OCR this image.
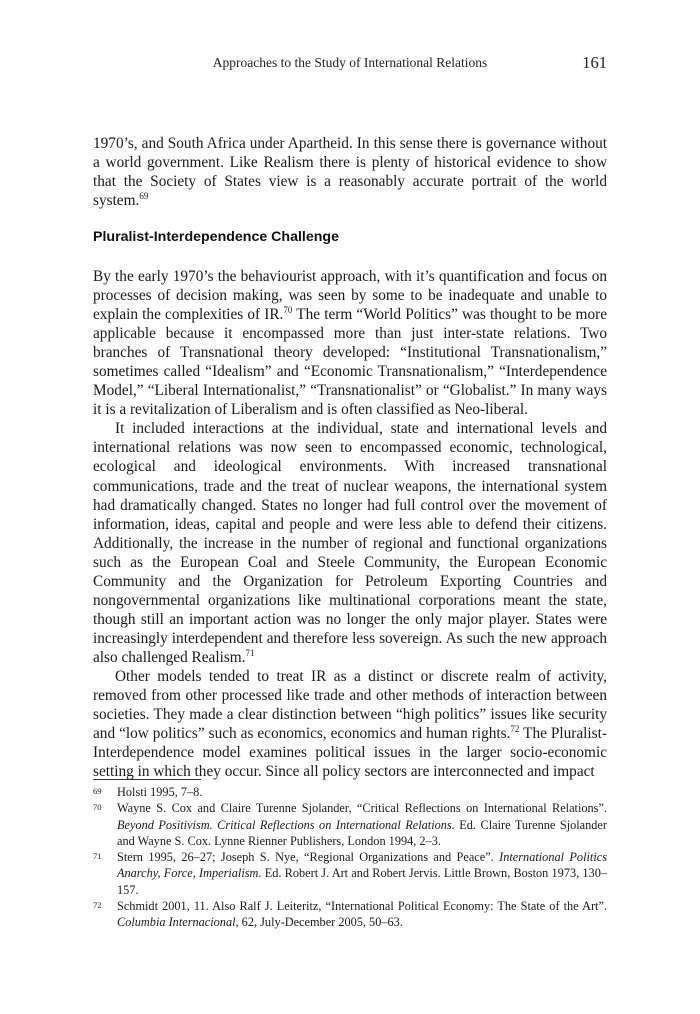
Approaches to the Study of International Relations	161

1970’s, and South Africa under Apartheid. In this sense there is governance without a world government. Like Realism there is plenty of historical evidence to show that the Society of States view is a reasonably accurate portrait of the world system.$^{69}$

Pluralist-Interdependence Challenge

By the early 1970’s the behaviourist approach, with it’s quantification and focus on processes of decision making, was seen by some to be inadequate and unable to explain the complexities of IR.$^{70}$ The term “World Politics” was thought to be more applicable because it encompassed more than just inter-state relations. Two branches of Transnational theory developed: “Institutional Transnationalism,” sometimes called “Idealism” and “Economic Transnationalism,” “Interdependence Model,” “Liberal Internationalist,” “Transnationalist” or “Globalist.” In many ways it is a revitalization of Liberalism and is often classified as Neo-liberal.

It included interactions at the individual, state and international levels and international relations was now seen to encompassed economic, technological, ecological and ideological environments. With increased transnational communications, trade and the treat of nuclear weapons, the international system had dramatically changed. States no longer had full control over the movement of information, ideas, capital and people and were less able to defend their citizens. Additionally, the increase in the number of regional and functional organizations such as the European Coal and Steele Community, the European Economic Community and the Organization for Petroleum Exporting Countries and nongovernmental organizations like multinational corporations meant the state, though still an important action was no longer the only major player. States were increasingly interdependent and therefore less sovereign. As such the new approach also challenged Realism.$^{71}$

Other models tended to treat IR as a distinct or discrete realm of activity, removed from other processed like trade and other methods of interaction between societies. They made a clear distinction between “high politics” issues like security and “low politics” such as economics, economics and human rights.$^{72}$ The Pluralist-Interdependence model examines political issues in the larger socio-economic setting in which they occur. Since all policy sectors are interconnected and impact

69 Holsti 1995, 7–8.
70 Wayne S. Cox and Claire Turenne Sjolander, “Critical Reflections on International Relations”. Beyond Positivism. Critical Reflections on International Relations. Ed. Claire Turenne Sjolander and Wayne S. Cox. Lynne Rienner Publishers, London 1994, 2–3.
71 Stern 1995, 26–27; Joseph S. Nye, “Regional Organizations and Peace”. International Politics Anarchy, Force, Imperialism. Ed. Robert J. Art and Robert Jervis. Little Brown, Boston 1973, 130–157.
72 Schmidt 2001, 11. Also Ralf J. Leiteritz, “International Political Economy: The State of the Art”. Columbia Internacional, 62, July-December 2005, 50–63.
